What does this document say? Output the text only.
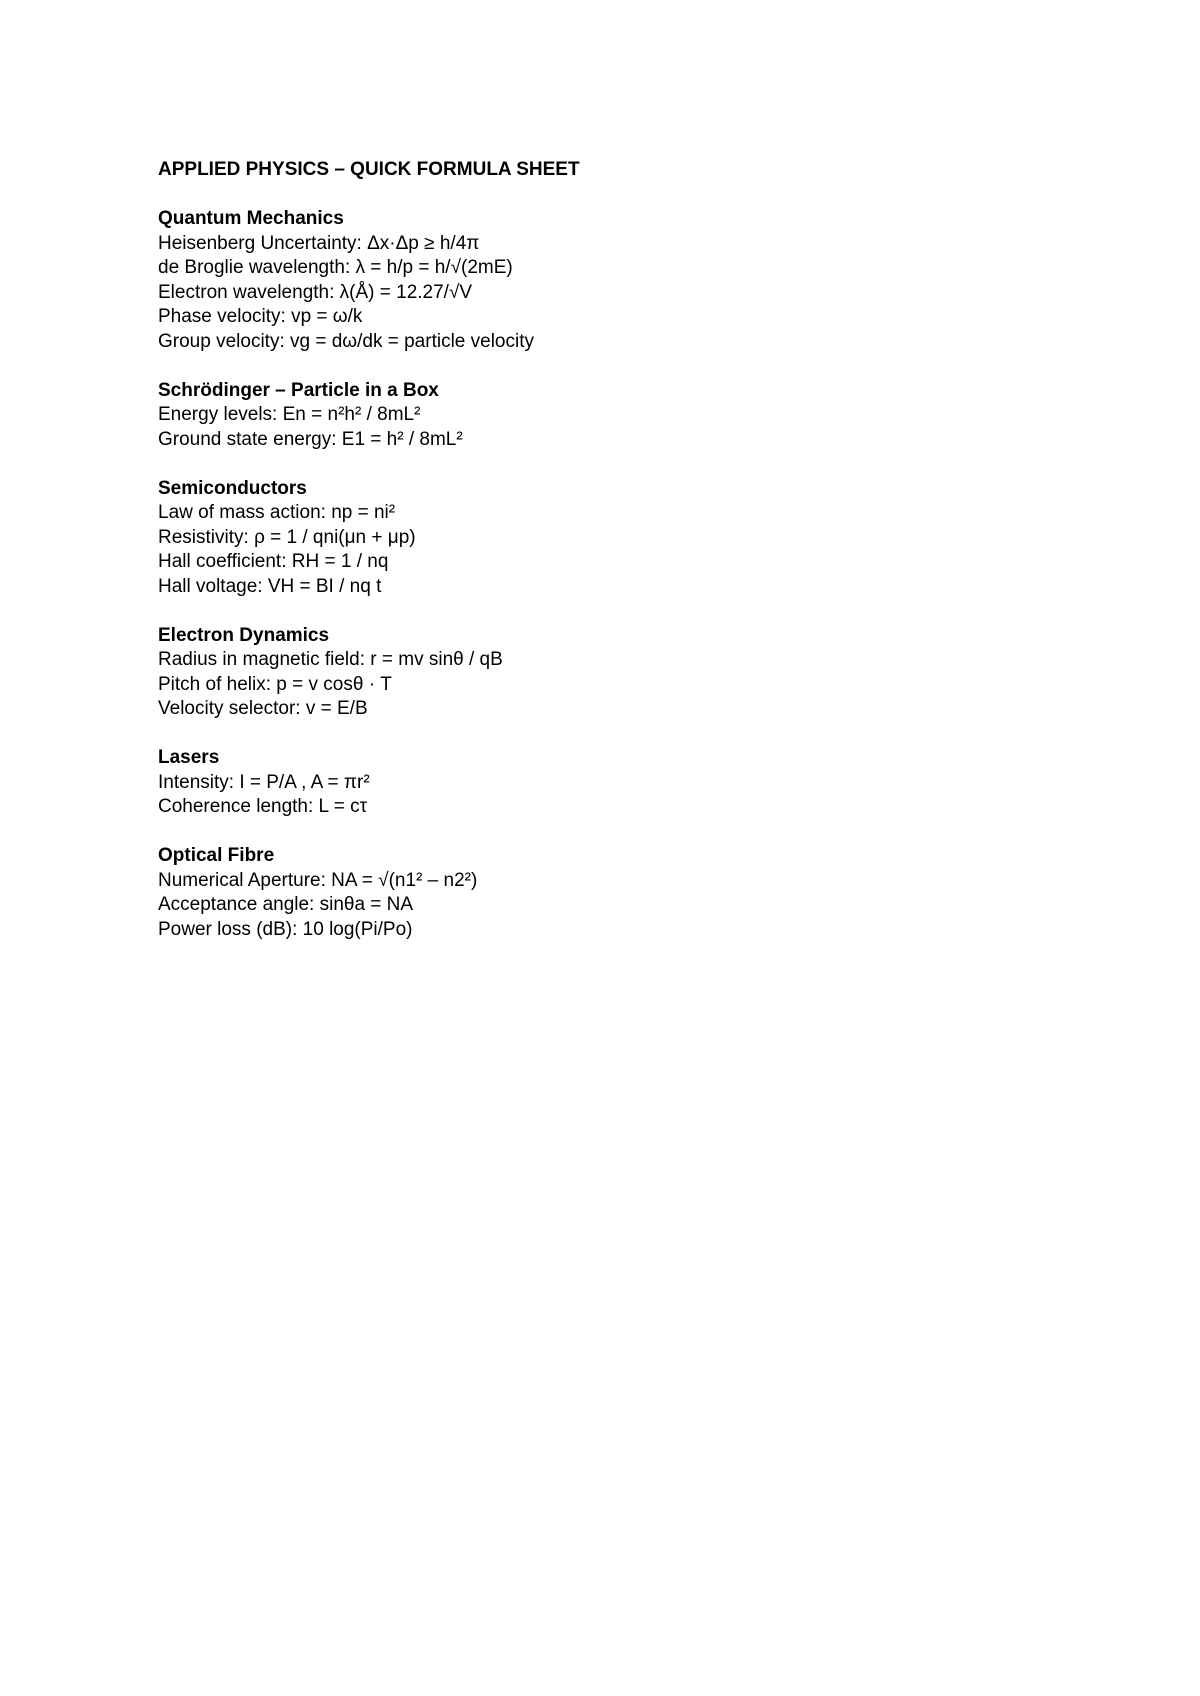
APPLIED PHYSICS – QUICK FORMULA SHEET
Quantum Mechanics
Heisenberg Uncertainty: Δx·Δp ≥ h/4π
de Broglie wavelength: λ = h/p = h/√(2mE)
Electron wavelength: λ(Å) = 12.27/√V
Phase velocity: vp = ω/k
Group velocity: vg = dω/dk = particle velocity
Schrödinger – Particle in a Box
Energy levels: En = n²h² / 8mL²
Ground state energy: E1 = h² / 8mL²
Semiconductors
Law of mass action: np = ni²
Resistivity: ρ = 1 / qni(μn + μp)
Hall coefficient: RH = 1 / nq
Hall voltage: VH = BI / nq t
Electron Dynamics
Radius in magnetic field: r = mv sinθ / qB
Pitch of helix: p = v cosθ · T
Velocity selector: v = E/B
Lasers
Intensity: I = P/A , A = πr²
Coherence length: L = cτ
Optical Fibre
Numerical Aperture: NA = √(n1² – n2²)
Acceptance angle: sinθa = NA
Power loss (dB): 10 log(Pi/Po)
